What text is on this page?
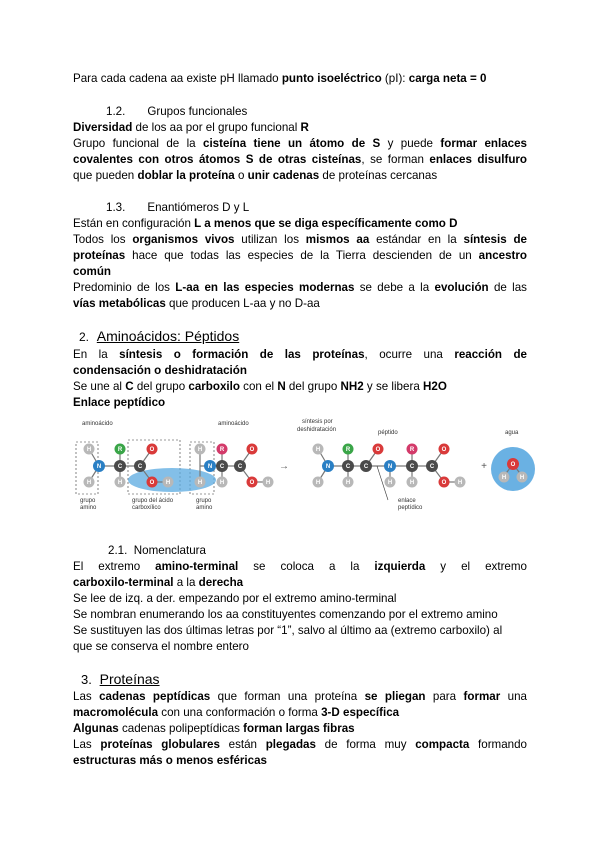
Para cada cadena aa existe pH llamado punto isoeléctrico (pI): carga neta = 0
1.2. Grupos funcionales
Diversidad de los aa por el grupo funcional R
Grupo funcional de la cisteína tiene un átomo de S y puede formar enlaces
covalentes con otros átomos S de otras cisteínas, se forman enlaces disulfuro
que pueden doblar la proteína o unir cadenas de proteínas cercanas
1.3. Enantiómeros D y L
Están en configuración L a menos que se diga específicamente como D
Todos los organismos vivos utilizan los mismos aa estándar en la síntesis de
proteínas hace que todas las especies de la Tierra descienden de un ancestro
común
Predominio de los L-aa en las especies modernas se debe a la evolución de las
vías metabólicas que producen L-aa y no D-aa
2. Aminoácidos: Péptidos
En la síntesis o formación de las proteínas, ocurre una reacción de
condensación o deshidratación
Se une al C del grupo carboxilo con el N del grupo NH2 y se libera H2O
Enlace peptídico
aminoácido	aminoácido	síntesis por
deshidratación	péptido	agua
grupo
amino
grupo del ácido
carboxílico
grupo
amino
enlace
peptídico
H
N
H
C
R
H
C
O
O H
H
H
N
R
C
H
C
O
O H
H
N
H
R
C
H
C
O
N
H
R
C
H
C
O
O H
→	+	O
H H
2.1. Nomenclatura
El extremo amino-terminal se coloca a la izquierda y el extremo
carboxilo-terminal a la derecha
Se lee de izq. a der. empezando por el extremo amino-terminal
Se nombran enumerando los aa constituyentes comenzando por el extremo amino
Se sustituyen las dos últimas letras por “1”, salvo al último aa (extremo carboxilo) al
que se conserva el nombre entero
3. Proteínas
Las cadenas peptídicas que forman una proteína se pliegan para formar una
macromolécula con una conformación o forma 3-D específica
Algunas cadenas polipeptídicas forman largas fibras
Las proteínas globulares están plegadas de forma muy compacta formando
estructuras más o menos esféricas
